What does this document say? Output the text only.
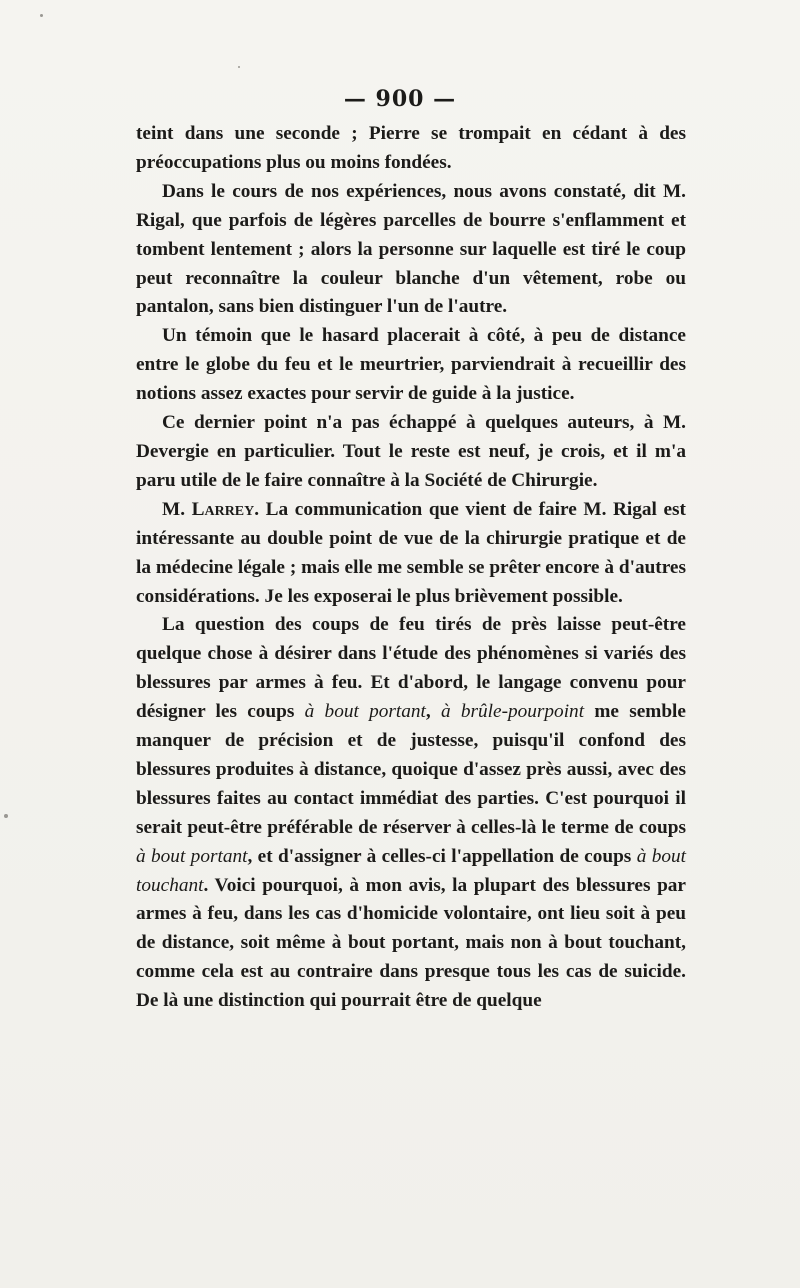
— 900 —

teint dans une seconde ; Pierre se trompait en cédant à des préoccupations plus ou moins fondées.

Dans le cours de nos expériences, nous avons constaté, dit M. Rigal, que parfois de légères parcelles de bourre s'enflamment et tombent lentement ; alors la personne sur laquelle est tiré le coup peut reconnaître la couleur blanche d'un vêtement, robe ou pantalon, sans bien distinguer l'un de l'autre.

Un témoin que le hasard placerait à côté, à peu de distance entre le globe du feu et le meurtrier, parviendrait à recueillir des notions assez exactes pour servir de guide à la justice.

Ce dernier point n'a pas échappé à quelques auteurs, à M. Devergie en particulier. Tout le reste est neuf, je crois, et il m'a paru utile de le faire connaître à la Société de Chirurgie.

M. Larrey. La communication que vient de faire M. Rigal est intéressante au double point de vue de la chirurgie pratique et de la médecine légale ; mais elle me semble se prêter encore à d'autres considérations. Je les exposerai le plus brièvement possible.

La question des coups de feu tirés de près laisse peut-être quelque chose à désirer dans l'étude des phénomènes si variés des blessures par armes à feu. Et d'abord, le langage convenu pour désigner les coups à bout portant, à brûle-pourpoint me semble manquer de précision et de justesse, puisqu'il confond des blessures produites à distance, quoique d'assez près aussi, avec des blessures faites au contact immédiat des parties. C'est pourquoi il serait peut-être préférable de réserver à celles-là le terme de coups à bout portant, et d'assigner à celles-ci l'appellation de coups à bout touchant. Voici pourquoi, à mon avis, la plupart des blessures par armes à feu, dans les cas d'homicide volontaire, ont lieu soit à peu de distance, soit même à bout portant, mais non à bout touchant, comme cela est au contraire dans presque tous les cas de suicide. De là une distinction qui pourrait être de quelque
